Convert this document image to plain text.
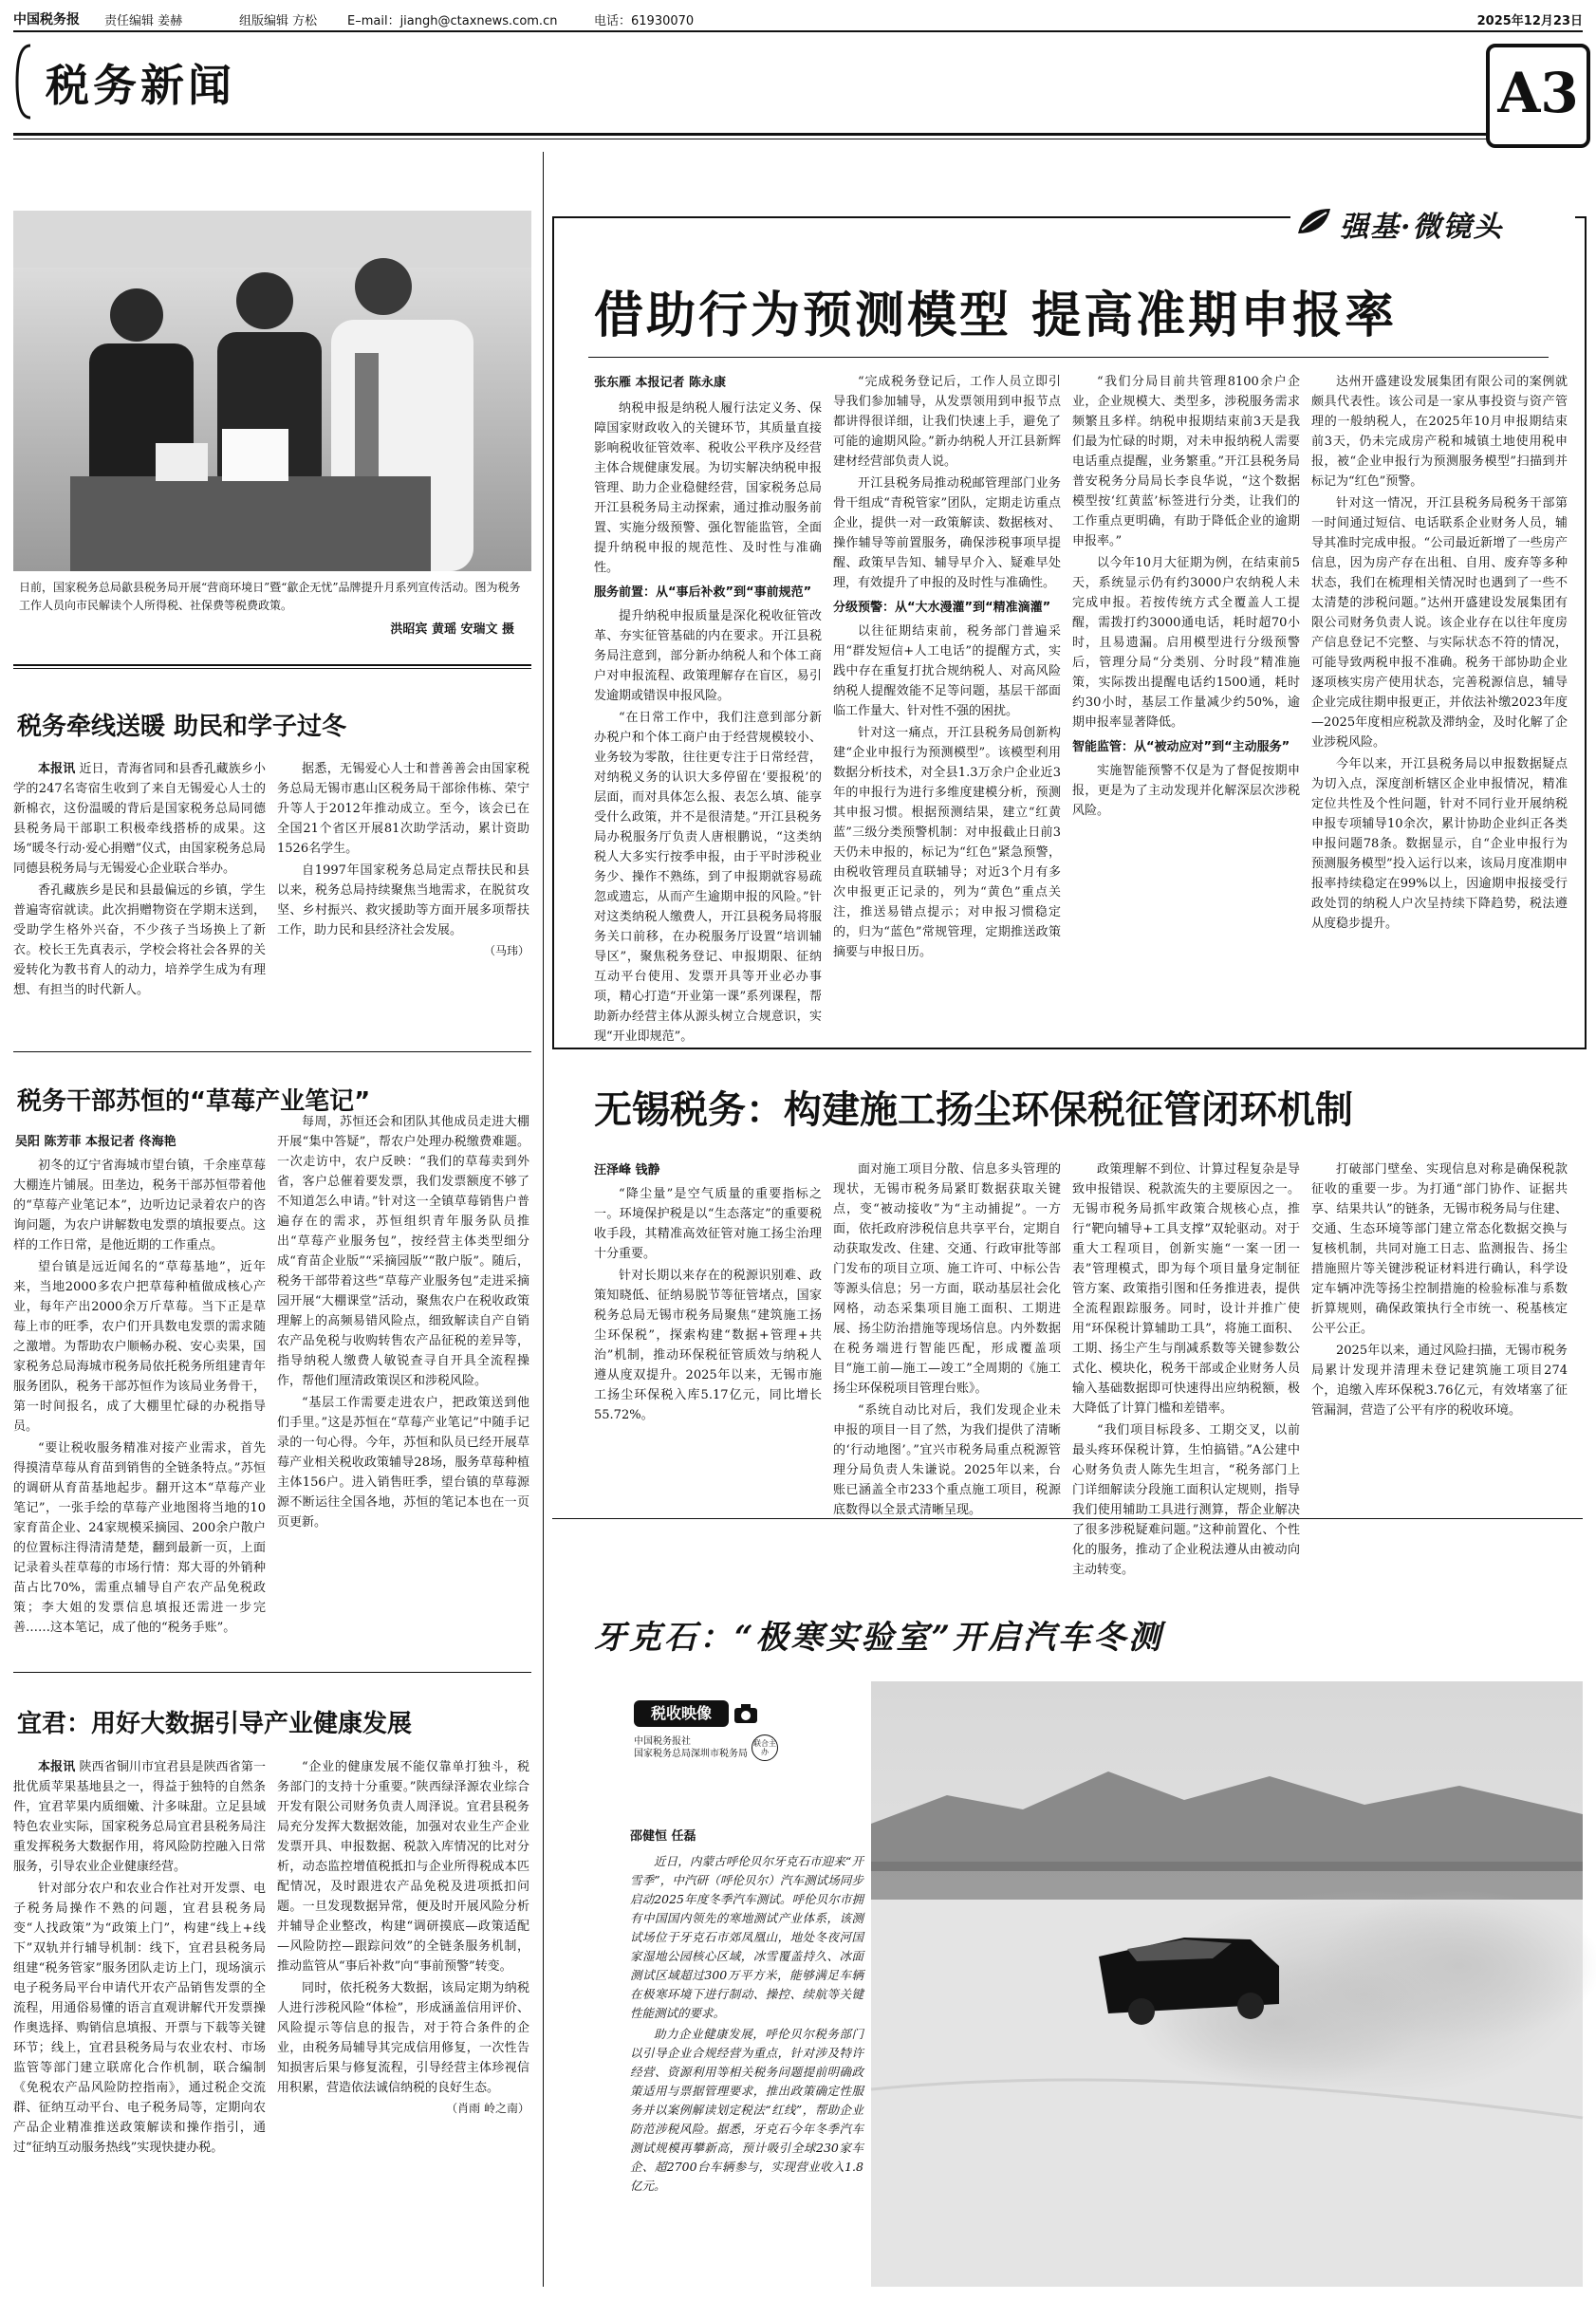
中国税务报 责任编辑 姜赫	组版编辑 方松 E–mail：jiangh@ctaxnews.com.cn	电话：61930070	2025年12月23日
税务新闻	A3
日前，国家税务总局歙县税务局开展“营商环境日”暨“歙企无忧”品牌提升月系列宣传活动。图为税务工作人员向市民解读个人所得税、社保费等税费政策。
洪昭宾 黄瑶 安瑞文 摄
税务牵线送暖 助民和学子过冬

本报讯 近日，青海省同和县香孔藏族乡小学的247名寄宿生收到了来自无锡爱心人士的新棉衣，这份温暖的背后是国家税务总局同德县税务局干部职工积极牵线搭桥的成果。这场“暖冬行动·爱心捐赠”仪式，由国家税务总局同德县税务局与无锡爱心企业联合举办。

香孔藏族乡是民和县最偏远的乡镇，学生普遍寄宿就读。此次捐赠物资在学期末送到，受助学生格外兴奋，不少孩子当场换上了新衣。校长王先真表示，学校会将社会各界的关爱转化为教书育人的动力，培养学生成为有理想、有担当的时代新人。

据悉，无锡爱心人士和普善善会由国家税务总局无锡市惠山区税务局干部徐伟栋、荣宁升等人于2012年推动成立。至今，该会已在全国21个省区开展81次助学活动，累计资助1526名学生。

自1997年国家税务总局定点帮扶民和县以来，税务总局持续聚焦当地需求，在脱贫攻坚、乡村振兴、救灾援助等方面开展多项帮扶工作，助力民和县经济社会发展。

（马玮）

税务干部苏恒的“草莓产业笔记”
吴阳 陈芳菲 本报记者 佟海艳

初冬的辽宁省海城市望台镇，千余座草莓大棚连片铺展。田垄边，税务干部苏恒带着他的“草莓产业笔记本”，边听边记录着农户的咨询问题，为农户讲解数电发票的填报要点。这样的工作日常，是他近期的工作重点。

望台镇是远近闻名的“草莓基地”，近年来，当地2000多农户把草莓种植做成核心产业，每年产出2000余万斤草莓。当下正是草莓上市的旺季，农户们开具数电发票的需求随之激增。为帮助农户顺畅办税、安心卖果，国家税务总局海城市税务局依托税务所组建青年服务团队，税务干部苏恒作为该局业务骨干，第一时间报名，成了大棚里忙碌的办税指导员。

“要让税收服务精准对接产业需求，首先得摸清草莓从育苗到销售的全链条特点。”苏恒的调研从育苗基地起步。翻开这本“草莓产业笔记”，一张手绘的草莓产业地图将当地的10家育苗企业、24家规模采摘园、200余户散户的位置标注得清清楚楚，翻到最新一页，上面记录着头茬草莓的市场行情：郑大哥的外销种苗占比70%，需重点辅导自产农产品免税政策；李大姐的发票信息填报还需进一步完善……这本笔记，成了他的“税务手账”。

每周，苏恒还会和团队其他成员走进大棚开展“集中答疑”，帮农户处理办税缴费难题。一次走访中，农户反映：“我们的草莓卖到外省，客户总催着要发票，我们发票额度不够了不知道怎么申请。”针对这一全镇草莓销售户普遍存在的需求，苏恒组织青年服务队员推出“草莓产业服务包”，按经营主体类型细分成“育苗企业版”“采摘园版”“散户版”。随后，税务干部带着这些“草莓产业服务包”走进采摘园开展“大棚课堂”活动，聚焦农户在税收政策理解上的高频易错风险点，细致解读自产自销农产品免税与收购转售农产品征税的差异等，指导纳税人缴费人敏锐查寻自开具全流程操作，帮他们厘清政策误区和涉税风险。

“基层工作需要走进农户，把政策送到他们手里。”这是苏恒在“草莓产业笔记”中随手记录的一句心得。今年，苏恒和队员已经开展草莓产业相关税收政策辅导28场，服务草莓种植主体156户。进入销售旺季，望台镇的草莓源源不断运往全国各地，苏恒的笔记本也在一页页更新。

宜君：用好大数据引导产业健康发展

本报讯 陕西省铜川市宜君县是陕西省第一批优质苹果基地县之一，得益于独特的自然条件，宜君苹果内质细嫩、汁多味甜。立足县域特色农业实际，国家税务总局宜君县税务局注重发挥税务大数据作用，将风险防控融入日常服务，引导农业企业健康经营。

针对部分农户和农业合作社对开发票、电子税务局操作不熟的问题，宜君县税务局变“人找政策”为“政策上门”，构建“线上+线下”双轨并行辅导机制：线下，宜君县税务局组建“税务管家”服务团队走访上门，现场演示电子税务局平台申请代开农产品销售发票的全流程，用通俗易懂的语言直观讲解代开发票操作奥选择、购销信息填报、开票与下载等关键环节；线上，宜君县税务局与农业农村、市场监管等部门建立联席化合作机制，联合编制《免税农产品风险防控指南》，通过税企交流群、征纳互动平台、电子税务局等，定期向农产品企业精准推送政策解读和操作指引，通过“征纳互动服务热线”实现快捷办税。

“企业的健康发展不能仅靠单打独斗，税务部门的支持十分重要。”陕西绿泽源农业综合开发有限公司财务负责人周泽说。宜君县税务局充分发挥大数据效能，加强对农业生产企业发票开具、申报数据、税款入库情况的比对分析，动态监控增值税抵扣与企业所得税成本匹配情况，及时跟进农产品免税及进项抵扣问题。一旦发现数据异常，便及时开展风险分析并辅导企业整改，构建“调研摸底—政策适配—风险防控—跟踪问效”的全链条服务机制，推动监管从“事后补救”向“事前预警”转变。

同时，依托税务大数据，该局定期为纳税人进行涉税风险“体检”，形成涵盖信用评价、风险提示等信息的报告，对于符合条件的企业，由税务局辅导其完成信用修复，一次性告知损害后果与修复流程，引导经营主体珍视信用积累，营造依法诚信纳税的良好生态。

（肖雨 岭之南）

强基·微镜头
借助行为预测模型 提高准期申报率
张东雁 本报记者 陈永康

纳税申报是纳税人履行法定义务、保障国家财政收入的关键环节，其质量直接影响税收征管效率、税收公平秩序及经营主体合规健康发展。为切实解决纳税申报管理、助力企业稳健经营，国家税务总局开江县税务局主动探索，通过推动服务前置、实施分级预警、强化智能监管，全面提升纳税申报的规范性、及时性与准确性。

服务前置：从“事后补救”到“事前规范”

提升纳税申报质量是深化税收征管改革、夯实征管基础的内在要求。开江县税务局注意到，部分新办纳税人和个体工商户对申报流程、政策理解存在盲区，易引发逾期或错误申报风险。

“在日常工作中，我们注意到部分新办税户和个体工商户由于经营规模较小、业务较为零散，往往更专注于日常经营，对纳税义务的认识大多停留在‘要报税’的层面，而对具体怎么报、表怎么填、能享受什么政策，并不是很清楚。”开江县税务局办税服务厅负责人唐根鹏说，“这类纳税人大多实行按季申报，由于平时涉税业务少、操作不熟练，到了申报期就容易疏忽或遗忘，从而产生逾期申报的风险。”针对这类纳税人缴费人，开江县税务局将服务关口前移，在办税服务厅设置“培训辅导区”，聚焦税务登记、申报期限、征纳互动平台使用、发票开具等开业必办事项，精心打造“开业第一课”系列课程，帮助新办经营主体从源头树立合规意识，实现“开业即规范”。

“完成税务登记后，工作人员立即引导我们参加辅导，从发票领用到申报节点都讲得很详细，让我们快速上手，避免了可能的逾期风险。”新办纳税人开江县新辉建材经营部负责人说。

开江县税务局推动税邮管理部门业务骨干组成“青税管家”团队，定期走访重点企业，提供一对一政策解读、数据核对、操作辅导等前置服务，确保涉税事项早提醒、政策早告知、辅导早介入、疑难早处理，有效提升了申报的及时性与准确性。

分级预警：从“大水漫灌”到“精准滴灌”

以往征期结束前，税务部门普遍采用“群发短信+人工电话”的提醒方式，实践中存在重复打扰合规纳税人、对高风险纳税人提醒效能不足等问题，基层干部面临工作量大、针对性不强的困扰。

针对这一痛点，开江县税务局创新构建“企业申报行为预测模型”。该模型利用数据分析技术，对全县1.3万余户企业近3年的申报行为进行多维度建模分析，预测其申报习惯。根据预测结果，建立“红黄蓝”三级分类预警机制：对申报截止日前3天仍未申报的，标记为“红色”紧急预警，由税收管理员直联辅导；对近3个月有多次申报更正记录的，列为“黄色”重点关注，推送易错点提示；对申报习惯稳定的，归为“蓝色”常规管理，定期推送政策摘要与申报日历。

“我们分局目前共管理8100余户企业，企业规模大、类型多，涉税服务需求频繁且多样。纳税申报期结束前3天是我们最为忙碌的时期，对未申报纳税人需要电话重点提醒，业务繁重。”开江县税务局普安税务分局局长李良华说，“这个数据模型按‘红黄蓝’标签进行分类，让我们的工作重点更明确，有助于降低企业的逾期申报率。”

以今年10月大征期为例，在结束前5天，系统显示仍有约3000户农纳税人未完成申报。若按传统方式全覆盖人工提醒，需拨打约3000通电话，耗时超70小时，且易遗漏。启用模型进行分级预警后，管理分局“分类别、分时段”精准施策，实际拨出提醒电话约1500通，耗时约30小时，基层工作量减少约50%，逾期申报率显著降低。

智能监管：从“被动应对”到“主动服务”

实施智能预警不仅是为了督促按期申报，更是为了主动发现并化解深层次涉税风险。

达州开盛建设发展集团有限公司的案例就颇具代表性。该公司是一家从事投资与资产管理的一般纳税人，在2025年10月申报期结束前3天，仍未完成房产税和城镇土地使用税申报，被“企业申报行为预测服务模型”扫描到并标记为“红色”预警。

针对这一情况，开江县税务局税务干部第一时间通过短信、电话联系企业财务人员，辅导其准时完成申报。“公司最近新增了一些房产信息，因为房产存在出租、自用、废弃等多种状态，我们在梳理相关情况时也遇到了一些不太清楚的涉税问题。”达州开盛建设发展集团有限公司财务负责人说。该企业存在以往年度房产信息登记不完整、与实际状态不符的情况，可能导致两税申报不准确。税务干部协助企业逐项核实房产使用状态，完善税源信息，辅导企业完成往期申报更正，并依法补缴2023年度—2025年度相应税款及滞纳金，及时化解了企业涉税风险。

今年以来，开江县税务局以申报数据疑点为切入点，深度剖析辖区企业申报情况，精准定位共性及个性问题，针对不同行业开展纳税申报专项辅导10余次，累计协助企业纠正各类申报问题78条。数据显示，自“企业申报行为预测服务模型”投入运行以来，该局月度准期申报率持续稳定在99%以上，因逾期申报接受行政处罚的纳税人户次呈持续下降趋势，税法遵从度稳步提升。

无锡税务：构建施工扬尘环保税征管闭环机制
汪泽峰 钱静

“降尘量”是空气质量的重要指标之一。环境保护税是以“生态落定”的重要税收手段，其精准高效征管对施工扬尘治理十分重要。

针对长期以来存在的税源识别难、政策知晓低、征纳易脱节等征管堵点，国家税务总局无锡市税务局聚焦“建筑施工扬尘环保税”，探索构建“数据+管理+共治”机制，推动环保税征管质效与纳税人遵从度双提升。2025年以来，无锡市施工扬尘环保税入库5.17亿元，同比增长55.72%。

面对施工项目分散、信息多头管理的现状，无锡市税务局紧盯数据获取关键点，变“被动接收”为“主动捕捉”。一方面，依托政府涉税信息共享平台，定期自动获取发改、住建、交通、行政审批等部门发布的项目立项、施工许可、中标公告等源头信息；另一方面，联动基层社会化网格，动态采集项目施工面积、工期进展、扬尘防治措施等现场信息。内外数据在税务端进行智能匹配，形成覆盖项目“施工前—施工—竣工”全周期的《施工扬尘环保税项目管理台账》。

“系统自动比对后，我们发现企业未申报的项目一目了然，为我们提供了清晰的‘行动地图’。”宜兴市税务局重点税源管理分局负责人朱谦说。2025年以来，台账已涵盖全市233个重点施工项目，税源底数得以全景式清晰呈现。

政策理解不到位、计算过程复杂是导致申报错误、税款流失的主要原因之一。无锡市税务局抓牢政策合规核心点，推行“靶向辅导+工具支撑”双轮驱动。对于重大工程项目，创新实施“一案一团一表”管理模式，即为每个项目量身定制征管方案、政策指引图和任务推进表，提供全流程跟踪服务。同时，设计并推广使用“环保税计算辅助工具”，将施工面积、工期、扬尘产生与削减系数等关键参数公式化、模块化，税务干部或企业财务人员输入基础数据即可快速得出应纳税额，极大降低了计算门槛和差错率。

“我们项目标段多、工期交叉，以前最头疼环保税计算，生怕搞错。”A公建中心财务负责人陈先生坦言，“税务部门上门详细解读分段施工面积认定规则，指导我们使用辅助工具进行测算，帮企业解决了很多涉税疑难问题。”这种前置化、个性化的服务，推动了企业税法遵从由被动向主动转变。

打破部门壁垒、实现信息对称是确保税款征收的重要一步。为打通“部门协作、证据共享、结果共认”的链条，无锡市税务局与住建、交通、生态环境等部门建立常态化数据交换与复核机制，共同对施工日志、监测报告、扬尘措施照片等关键涉税证材料进行确认，科学设定车辆冲洗等扬尘控制措施的检验标准与系数折算规则，确保政策执行全市统一、税基核定公平公正。

2025年以来，通过风险扫描，无锡市税务局累计发现并清理未登记建筑施工项目274个，追缴入库环保税3.76亿元，有效堵塞了征管漏洞，营造了公平有序的税收环境。

牙克石：“极寒实验室”开启汽车冬测
税收映像
中国税务报社
国家税务总局深圳市税务局
联合主办
邵健恒 任磊

近日，内蒙古呼伦贝尔牙克石市迎来“开雪季”，中汽研（呼伦贝尔）汽车测试场同步启动2025年度冬季汽车测试。呼伦贝尔市拥有中国国内领先的寒地测试产业体系，该测试场位于牙克石市郊凤凰山，地处冬夜河国家湿地公园核心区域，冰雪覆盖持久、冰面测试区域超过300万平方米，能够满足车辆在极寒环境下进行制动、操控、续航等关键性能测试的要求。

助力企业健康发展，呼伦贝尔税务部门以引导企业合规经营为重点，针对涉及特许经营、资源利用等相关税务问题提前明确政策适用与票据管理要求，推出政策确定性服务并以案例解读划定税法“红线”，帮助企业防范涉税风险。据悉，牙克石今年冬季汽车测试规模再攀新高，预计吸引全球230家车企、超2700台车辆参与，实现营业收入1.8亿元。
